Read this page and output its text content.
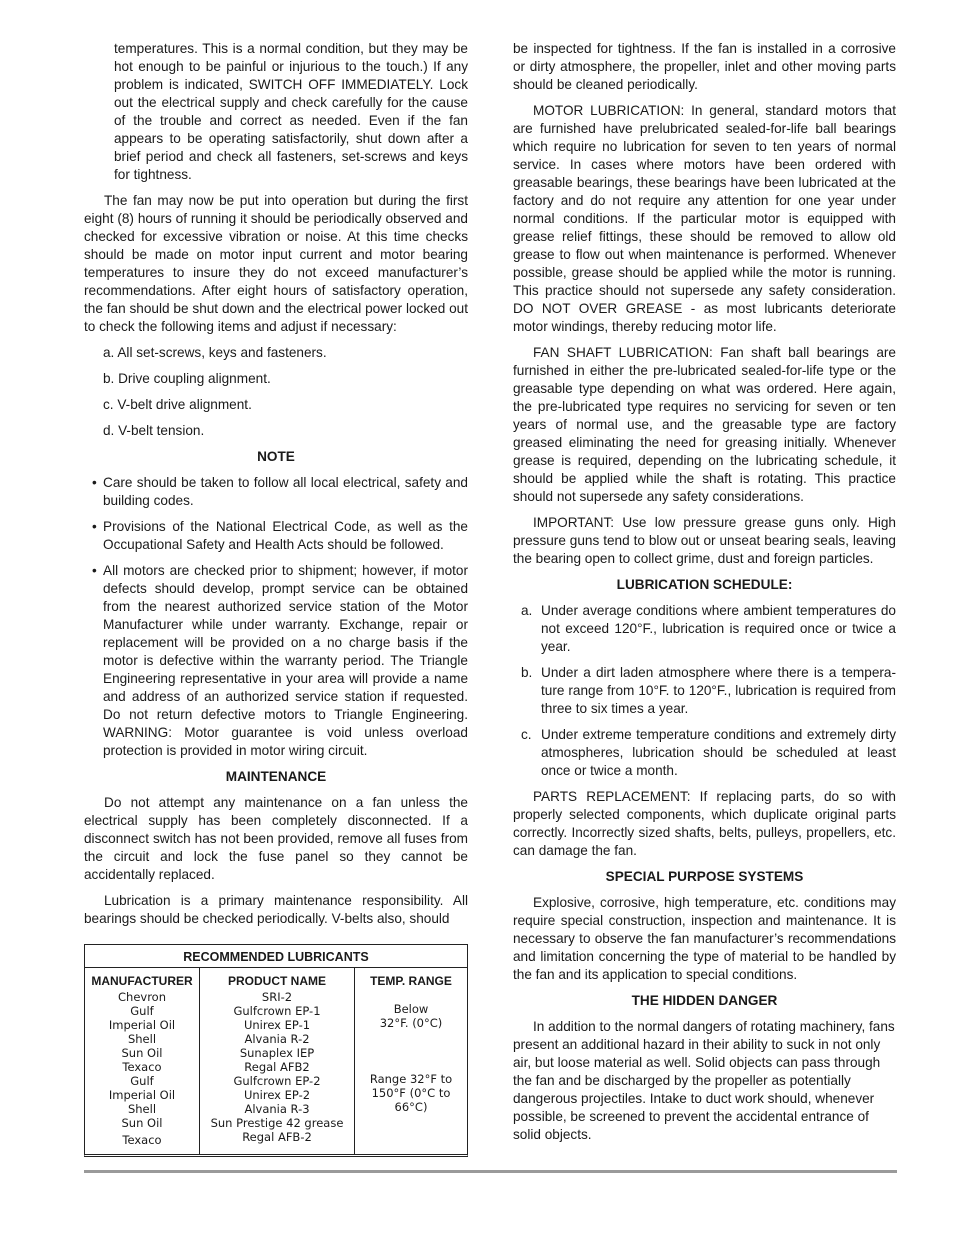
temperatures. This is a normal condition, but they may be hot enough to be painful or injurious to the touch.) If any problem is indicated, SWITCH OFF IMMEDIATELY. Lock out the electrical supply and check carefully for the cause of the trouble and correct as needed. Even if the fan appears to be operating satisfactorily, shut down after a brief period and check all fasteners, set-screws and keys for tightness.

The fan may now be put into operation but during the first eight (8) hours of running it should be periodically observed and checked for excessive vibration or noise. At this time checks should be made on motor input current and motor bearing temperatures to insure they do not exceed manufacturer’s recommendations. After eight hours of satisfactory operation, the fan should be shut down and the electrical power locked out to check the following items and adjust if necessary:

a. All set-screws, keys and fasteners.
b. Drive coupling alignment.
c. V-belt drive alignment.
d. V-belt tension.
NOTE
• Care should be taken to follow all local electrical, safety and building codes.
• Provisions of the National Electrical Code, as well as the Occupational Safety and Health Acts should be followed.
• All motors are checked prior to shipment; however, if motor defects should develop, prompt service can be obtained from the nearest authorized service station of the Motor Manufacturer while under warranty. Exchange, repair or replacement will be provided on a no charge basis if the motor is defective within the warranty period. The Triangle Engineering representative in your area will provide a name and address of an authorized service station if requested. Do not return defective motors to Triangle Engineering. WARNING: Motor guarantee is void unless overload protection is provided in motor wiring circuit.
MAINTENANCE

Do not attempt any maintenance on a fan unless the electrical supply has been completely disconnected. If a disconnect switch has not been provided, remove all fuses from the circuit and lock the fuse panel so they cannot be accidentally replaced.

Lubrication is a primary maintenance responsibility. All bearings should be checked periodically. V-belts also, should

RECOMMENDED LUBRICANTS
MANUFACTURER
Chevron
Gulf
Imperial Oil
Shell
Sun Oil
Texaco
Gulf
Imperial Oil
Shell
Sun Oil
Texaco
PRODUCT NAME
SRI-2
Gulfcrown EP-1
Unirex EP-1
Alvania R-2
Sunaplex IEP
Regal AFB2
Gulfcrown EP-2
Unirex EP-2
Alvania R-3
Sun Prestige 42 grease
Regal AFB-2
TEMP. RANGE
Below
32°F. (0°C)
Range 32°F to
150°F (0°C to
66°C)

be inspected for tightness. If the fan is installed in a corrosive or dirty atmosphere, the propeller, inlet and other moving parts should be cleaned periodically.

MOTOR LUBRICATION: In general, standard motors that are furnished have prelubricated sealed-for-life ball bearings which require no lubrication for seven to ten years of normal service. In cases where motors have been ordered with greasable bearings, these bearings have been lubricated at the factory and do not require any attention for one year under normal conditions. If the particular motor is equipped with grease relief fittings, these should be removed to allow old grease to flow out when maintenance is performed. Whenever possible, grease should be applied while the motor is running. This practice should not supersede any safety consideration. DO NOT OVER GREASE - as most lubricants deteriorate motor windings, thereby reducing motor life.

FAN SHAFT LUBRICATION: Fan shaft ball bearings are furnished in either the pre-lubricated sealed-for-life type or the greasable type depending on what was ordered. Here again, the pre-lubricated type requires no servicing for seven or ten years of normal use, and the greasable type are factory greased eliminating the need for greasing initially. Whenever grease is required, depending on the lubricating schedule, it should be applied while the shaft is rotating. This practice should not supersede any safety considerations.

IMPORTANT: Use low pressure grease guns only. High pressure guns tend to blow out or unseat bearing seals, leaving the bearing open to collect grime, dust and foreign particles.

LUBRICATION SCHEDULE:
a. Under average conditions where ambient temperatures do not exceed 120°F., lubrication is required once or twice a year.
b. Under a dirt laden atmosphere where there is a tempera-ture range from 10°F. to 120°F., lubrication is required from three to six times a year.
c. Under extreme temperature conditions and extremely dirty atmospheres, lubrication should be scheduled at least once or twice a month.

PARTS REPLACEMENT: If replacing parts, do so with properly selected components, which duplicate original parts correctly. Incorrectly sized shafts, belts, pulleys, propellers, etc. can damage the fan.

SPECIAL PURPOSE SYSTEMS

Explosive, corrosive, high temperature, etc. conditions may require special construction, inspection and maintenance. It is necessary to observe the fan manufacturer’s recommendations and limitation concerning the type of material to be handled by the fan and its application to special conditions.

THE HIDDEN DANGER

In addition to the normal dangers of rotating machinery, fans present an additional hazard in their ability to suck in not only air, but loose material as well. Solid objects can pass through the fan and be discharged by the propeller as potentially dangerous projectiles. Intake to duct work should, whenever possible, be screened to prevent the accidental entrance of solid objects.
